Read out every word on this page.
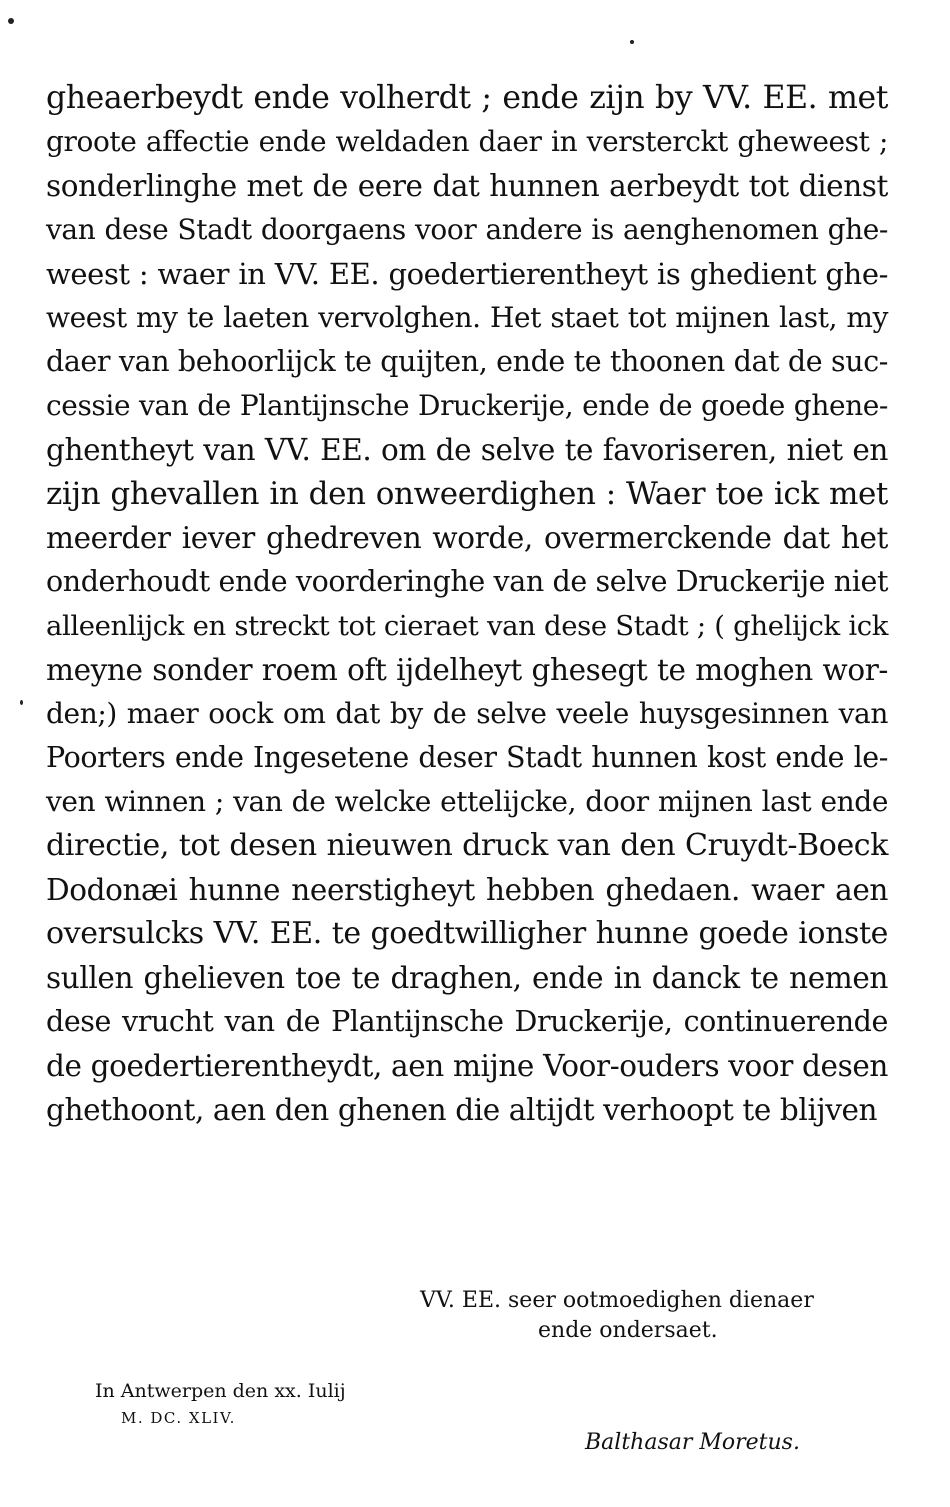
gheaerbeydt ende volherdt ; ende zijn by VV. EE. met
groote affectie ende weldaden daer in versterckt gheweest ;
sonderlinghe met de eere dat hunnen aerbeydt tot dienst
van dese Stadt doorgaens voor andere is aenghenomen ghe-
weest : waer in VV. EE. goedertierentheyt is ghedient ghe-
weest my te laeten vervolghen. Het staet tot mijnen last, my
daer van behoorlijck te quijten, ende te thoonen dat de suc-
cessie van de Plantijnsche Druckerije, ende de goede ghene-
ghentheyt van VV. EE. om de selve te favoriseren, niet en
zijn ghevallen in den onweerdighen : Waer toe ick met
meerder iever ghedreven worde, overmerckende dat het
onderhoudt ende voorderinghe van de selve Druckerije niet
alleenlijck en streckt tot cieraet van dese Stadt ; ( ghelijck ick
meyne sonder roem oft ijdelheyt ghesegt te moghen wor-
den;) maer oock om dat by de selve veele huysgesinnen van
Poorters ende Ingesetene deser Stadt hunnen kost ende le-
ven winnen ; van de welcke ettelijcke, door mijnen last ende
directie, tot desen nieuwen druck van den Cruydt-Boeck
Dodonæi hunne neerstigheyt hebben ghedaen. waer aen
oversulcks VV. EE. te goedtwilligher hunne goede ionste
sullen ghelieven toe te draghen, ende in danck te nemen
dese vrucht van de Plantijnsche Druckerije, continuerende
de goedertierentheydt, aen mijne Voor-ouders voor desen
ghethoont, aen den ghenen die altijdt verhoopt te blijven
VV. EE. seer ootmoedighen dienaer
ende ondersaet.
In Antwerpen den xx. Iulij
M. DC. XLIV.
Balthasar Moretus.
